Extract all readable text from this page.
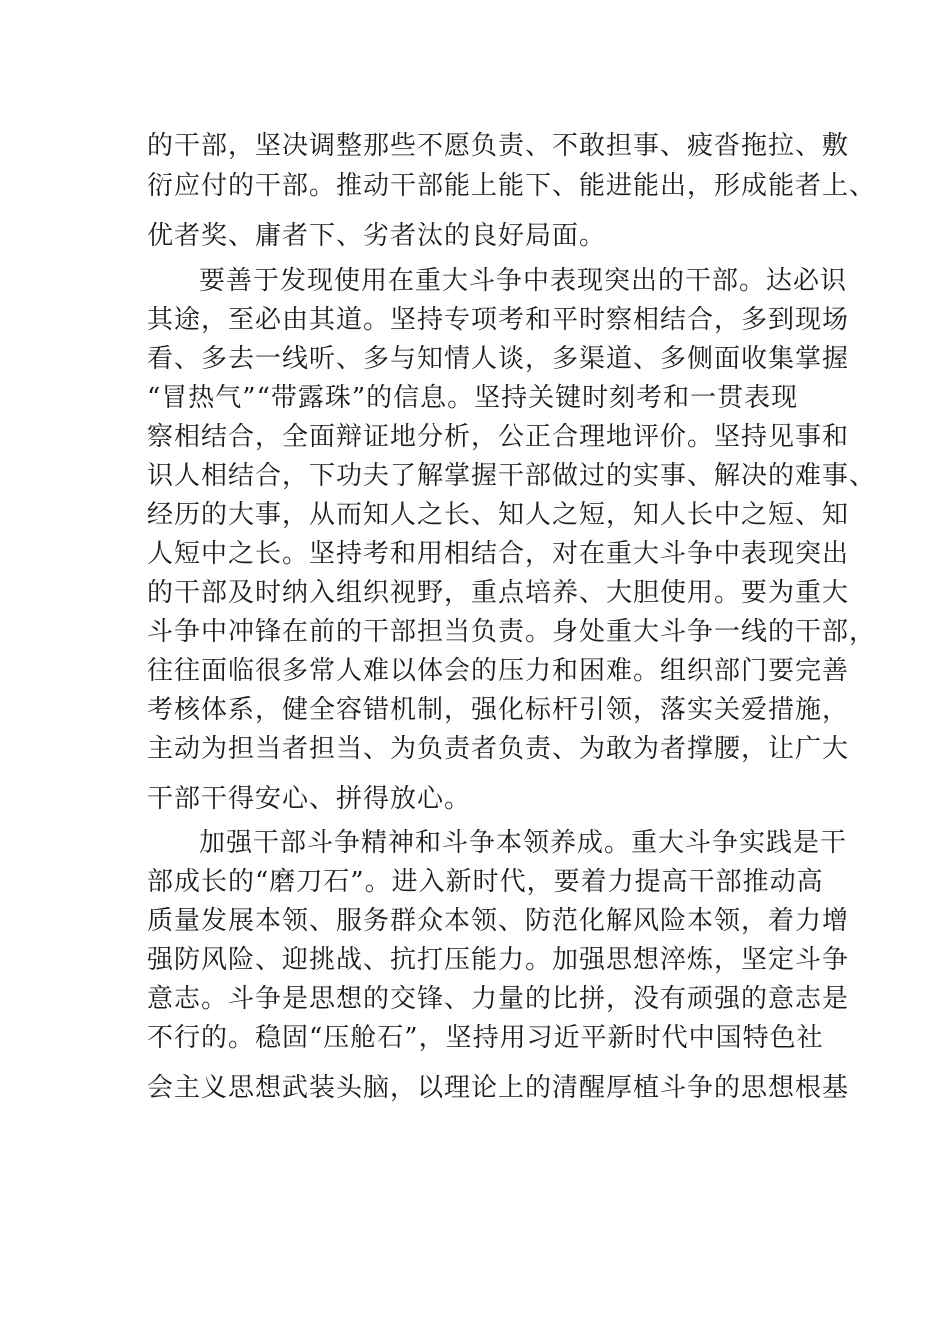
的干部，坚决调整那些不愿负责、不敢担事、疲沓拖拉、敷
衍应付的干部。推动干部能上能下、能进能出，形成能者上、
优者奖、庸者下、劣者汰的良好局面。
要善于发现使用在重大斗争中表现突出的干部。达必识
其途，至必由其道。坚持专项考和平时察相结合，多到现场
看、多去一线听、多与知情人谈，多渠道、多侧面收集掌握
“冒热气”“带露珠”的信息。坚持关键时刻考和一贯表现
察相结合，全面辩证地分析，公正合理地评价。坚持见事和
识人相结合，下功夫了解掌握干部做过的实事、解决的难事、
经历的大事，从而知人之长、知人之短，知人长中之短、知
人短中之长。坚持考和用相结合，对在重大斗争中表现突出
的干部及时纳入组织视野，重点培养、大胆使用。要为重大
斗争中冲锋在前的干部担当负责。身处重大斗争一线的干部，
往往面临很多常人难以体会的压力和困难。组织部门要完善
考核体系，健全容错机制，强化标杆引领，落实关爱措施，
主动为担当者担当、为负责者负责、为敢为者撑腰，让广大
干部干得安心、拼得放心。
加强干部斗争精神和斗争本领养成。重大斗争实践是干
部成长的“磨刀石”。进入新时代，要着力提高干部推动高
质量发展本领、服务群众本领、防范化解风险本领，着力增
强防风险、迎挑战、抗打压能力。加强思想淬炼，坚定斗争
意志。斗争是思想的交锋、力量的比拼，没有顽强的意志是
不行的。稳固“压舱石”，坚持用习近平新时代中国特色社
会主义思想武装头脑，以理论上的清醒厚植斗争的思想根基
